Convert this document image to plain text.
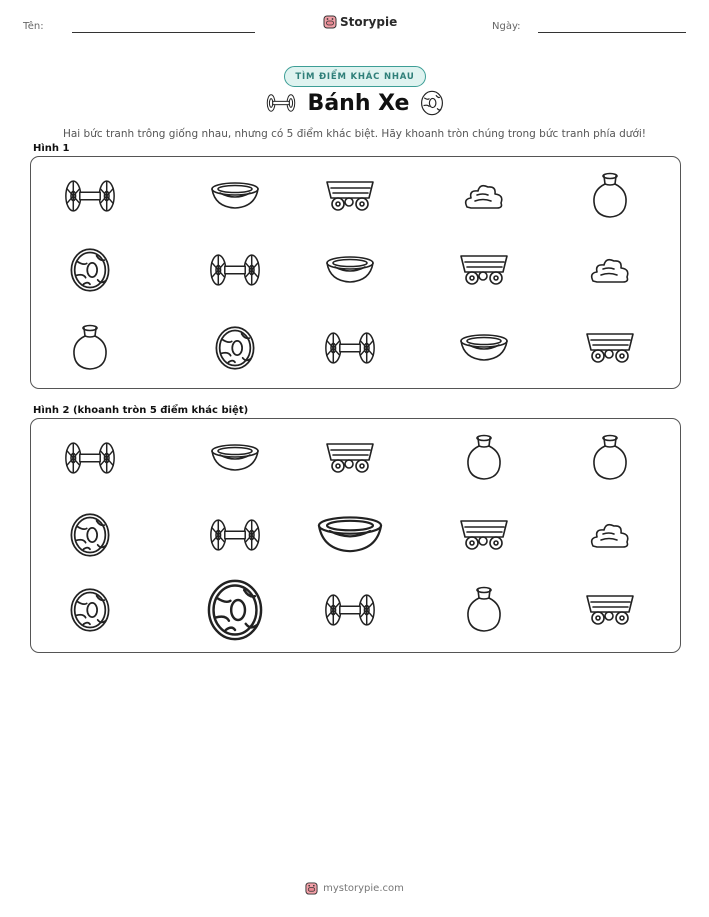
Tên:	Storypie	Ngày:
TÌM ĐIỂM KHÁC NHAU
Bánh Xe
Hai bức tranh trông giống nhau, nhưng có 5 điểm khác biệt. Hãy khoanh tròn chúng trong bức tranh phía dưới!
Hình 1
Hình 2 (khoanh tròn 5 điểm khác biệt)
mystorypie.com
